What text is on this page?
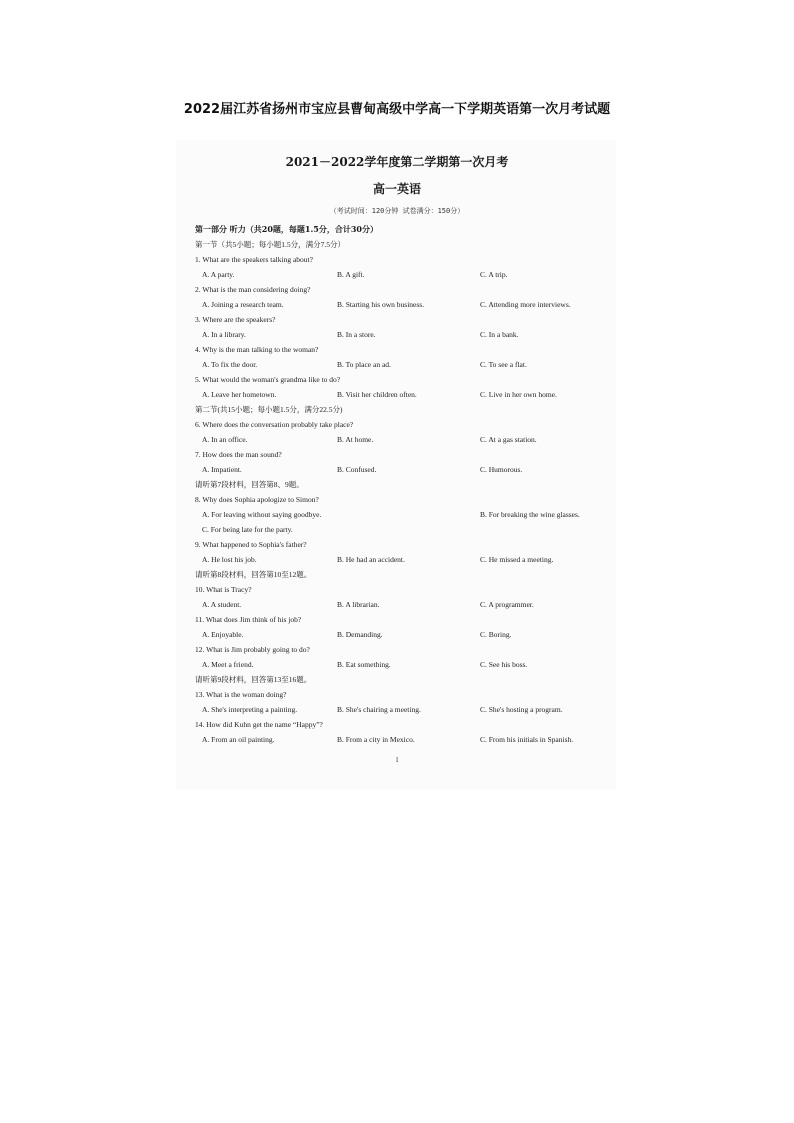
2022届江苏省扬州市宝应县曹甸高级中学高一下学期英语第一次月考试题
2021－2022学年度第二学期第一次月考
高一英语
（考试时间：120分钟 试卷满分：150分）
第一部分 听力（共20题，每题1.5分，合计30分）
第一节（共5小题；每小题1.5分，满分7.5分）
1. What are the speakers talking about?
A. A party.	B. A gift.	C. A trip.
2. What is the man considering doing?
A. Joining a research team.	B. Starting his own business.	C. Attending more interviews.
3. Where are the speakers?
A. In a library.	B. In a store.	C. In a bank.
4. Why is the man talking to the woman?
A. To fix the door.	B. To place an ad.	C. To see a flat.
5. What would the woman's grandma like to do?
A. Leave her hometown.	B. Visit her children often.	C. Live in her own home.
第二节(共15小题；每小题1.5分，满分22.5分)
6. Where does the conversation probably take place?
A. In an office.	B. At home.	C. At a gas station.
7. How does the man sound?
A. Impatient.	B. Confused.	C. Humorous.
请听第7段材料，回答第8、9题。
8. Why does Sophia apologize to Simon?
A. For leaving without saying goodbye.	B. For breaking the wine glasses.
C. For being late for the party.
9. What happened to Sophia's father?
A. He lost his job.	B. He had an accident.	C. He missed a meeting.
请听第8段材料，回答第10至12题。
10. What is Tracy?
A. A student.	B. A librarian.	C. A programmer.
11. What does Jim think of his job?
A. Enjoyable.	B. Demanding.	C. Boring.
12. What is Jim probably going to do?
A. Meet a friend.	B. Eat something.	C. See his boss.
请听第9段材料，回答第13至16题。
13. What is the woman doing?
A. She's interpreting a painting.	B. She's chairing a meeting.	C. She's hosting a program.
14. How did Kuhn get the name “Happy”?
A. From an oil painting.	B. From a city in Mexico.	C. From his initials in Spanish.
1
